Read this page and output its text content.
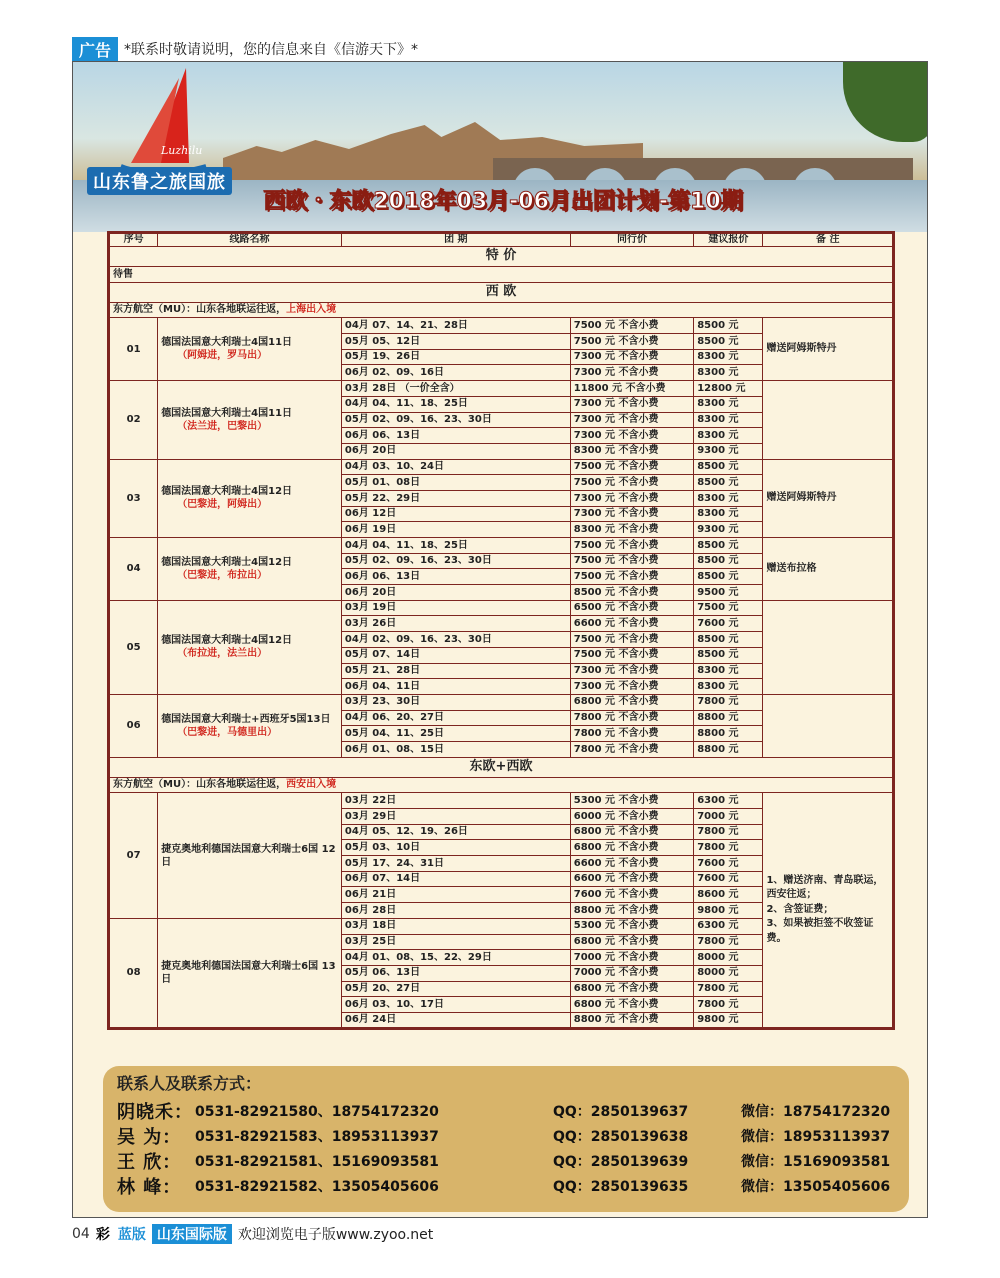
广告 *联系时敬请说明，您的信息来自《信游天下》*
Luzhilu
山东鲁之旅国旅
西欧・东欧2018年03月-06月出团计划-第10期
序号	线路名称	团 期	同行价	建议报价	备 注
特 价					
待售					
西 欧					
东方航空（MU）：山东各地联运往返，上海出入境					
01	德国法国意大利瑞士4国11日
（阿姆进，罗马出）	04月 07、14、21、28日	7500 元 不含小费	8500 元	赠送阿姆斯特丹
		05月 05、12日	7500 元 不含小费	8500 元	
		05月 19、26日	7300 元 不含小费	8300 元	
		06月 02、09、16日	7300 元 不含小费	8300 元	
02	德国法国意大利瑞士4国11日
（法兰进，巴黎出）	03月 28日 （一价全含）	11800 元 不含小费	12800 元	
		04月 04、11、18、25日	7300 元 不含小费	8300 元	
		05月 02、09、16、23、30日	7300 元 不含小费	8300 元	
		06月 06、13日	7300 元 不含小费	8300 元	
		06月 20日	8300 元 不含小费	9300 元	
03	德国法国意大利瑞士4国12日
（巴黎进，阿姆出）	04月 03、10、24日	7500 元 不含小费	8500 元	赠送阿姆斯特丹
		05月 01、08日	7500 元 不含小费	8500 元	
		05月 22、29日	7300 元 不含小费	8300 元	
		06月 12日	7300 元 不含小费	8300 元	
		06月 19日	8300 元 不含小费	9300 元	
04	德国法国意大利瑞士4国12日
（巴黎进，布拉出）	04月 04、11、18、25日	7500 元 不含小费	8500 元	赠送布拉格
		05月 02、09、16、23、30日	7500 元 不含小费	8500 元	
		06月 06、13日	7500 元 不含小费	8500 元	
		06月 20日	8500 元 不含小费	9500 元	
05	德国法国意大利瑞士4国12日
（布拉进，法兰出）	03月 19日	6500 元 不含小费	7500 元	
		03月 26日	6600 元 不含小费	7600 元	
		04月 02、09、16、23、30日	7500 元 不含小费	8500 元	
		05月 07、14日	7500 元 不含小费	8500 元	
		05月 21、28日	7300 元 不含小费	8300 元	
		06月 04、11日	7300 元 不含小费	8300 元	
06	德国法国意大利瑞士+西班牙5国13日
（巴黎进，马德里出）	03月 23、30日	6800 元 不含小费	7800 元	
		04月 06、20、27日	7800 元 不含小费	8800 元	
		05月 04、11、25日	7800 元 不含小费	8800 元	
		06月 01、08、15日	7800 元 不含小费	8800 元	
东欧+西欧					
东方航空（MU）：山东各地联运往返，西安出入境					
07	捷克奥地利德国法国意大利瑞士6国 12日	03月 22日	5300 元 不含小费	6300 元	1、赠送济南、青岛联运，西安往返；
2、含签证费；
3、如果被拒签不收签证费。

		03月 29日	6000 元 不含小费	7000 元	
		04月 05、12、19、26日	6800 元 不含小费	7800 元	
		05月 03、10日	6800 元 不含小费	7800 元	
		05月 17、24、31日	6600 元 不含小费	7600 元	
		06月 07、14日	6600 元 不含小费	7600 元	
		06月 21日	7600 元 不含小费	8600 元	
		06月 28日	8800 元 不含小费	9800 元	
08	捷克奥地利德国法国意大利瑞士6国 13日	03月 18日	5300 元 不含小费	6300 元	
		03月 25日	6800 元 不含小费	7800 元	
		04月 01、08、15、22、29日	7000 元 不含小费	8000 元	
		05月 06、13日	7000 元 不含小费	8000 元	
		05月 20、27日	6800 元 不含小费	7800 元	
		06月 03、10、17日	6800 元 不含小费	7800 元	
		06月 24日	8800 元 不含小费	9800 元	
联系人及联系方式：
阴晓禾： 0531-82921580、18754172320	QQ：2850139637	微信：18754172320
吴 为： 0531-82921583、18953113937	QQ：2850139638	微信：18953113937
王 欣： 0531-82921581、15169093581	QQ：2850139639	微信：15169093581
林 峰： 0531-82921582、13505405606	QQ：2850139635	微信：13505405606
04 彩 蓝版 山东国际版 欢迎浏览电子版www.zyoo.net
